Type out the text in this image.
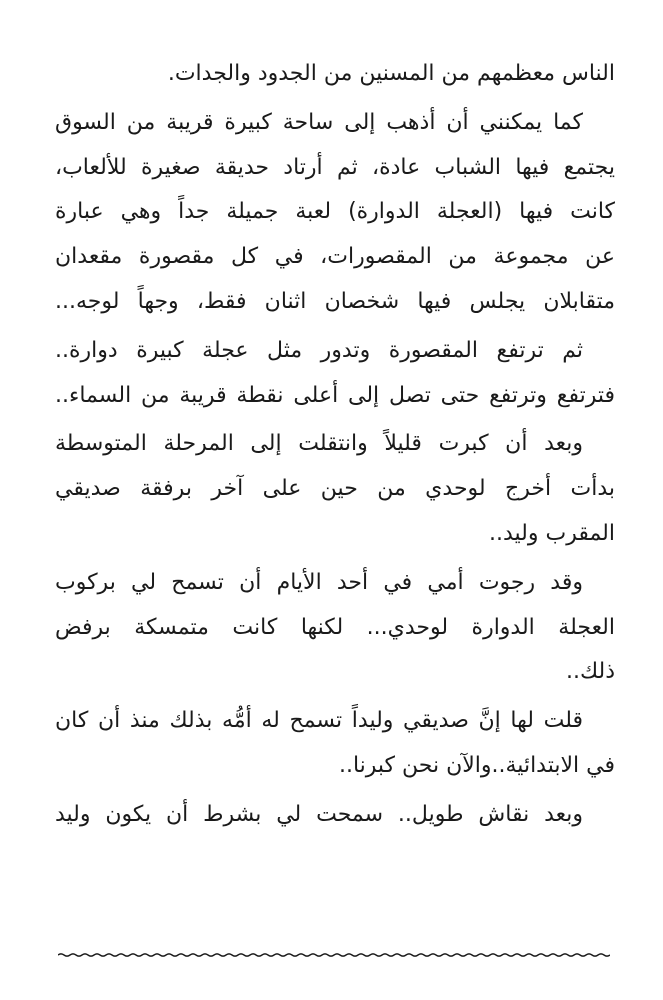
الناس معظمهم من المسنين من الجدود والجدات.
كما يمكنني أن أذهب إلى ساحة كبيرة قريبة من السوق
يجتمع فيها الشباب عادة، ثم أرتاد حديقة صغيرة للألعاب،
كانت فيها (العجلة الدوارة) لعبة جميلة جداً وهي عبارة
عن مجموعة من المقصورات، في كل مقصورة مقعدان
متقابلان يجلس فيها شخصان اثنان فقط، وجهاً لوجه...
ثم ترتفع المقصورة وتدور مثل عجلة كبيرة دوارة..
فترتفع وترتفع حتى تصل إلى أعلى نقطة قريبة من السماء..
وبعد أن كبرت قليلاً وانتقلت إلى المرحلة المتوسطة
بدأت أخرج لوحدي من حين على آخر برفقة صديقي
المقرب وليد..
وقد رجوت أمي في أحد الأيام أن تسمح لي بركوب
العجلة الدوارة لوحدي... لكنها كانت متمسكة برفض
ذلك..
قلت لها إنَّ صديقي وليداً تسمح له أمُّه بذلك منذ أن كان
في الابتدائية..والآن نحن كبرنا..
وبعد نقاش طويل.. سمحت لي بشرط أن يكون وليد
